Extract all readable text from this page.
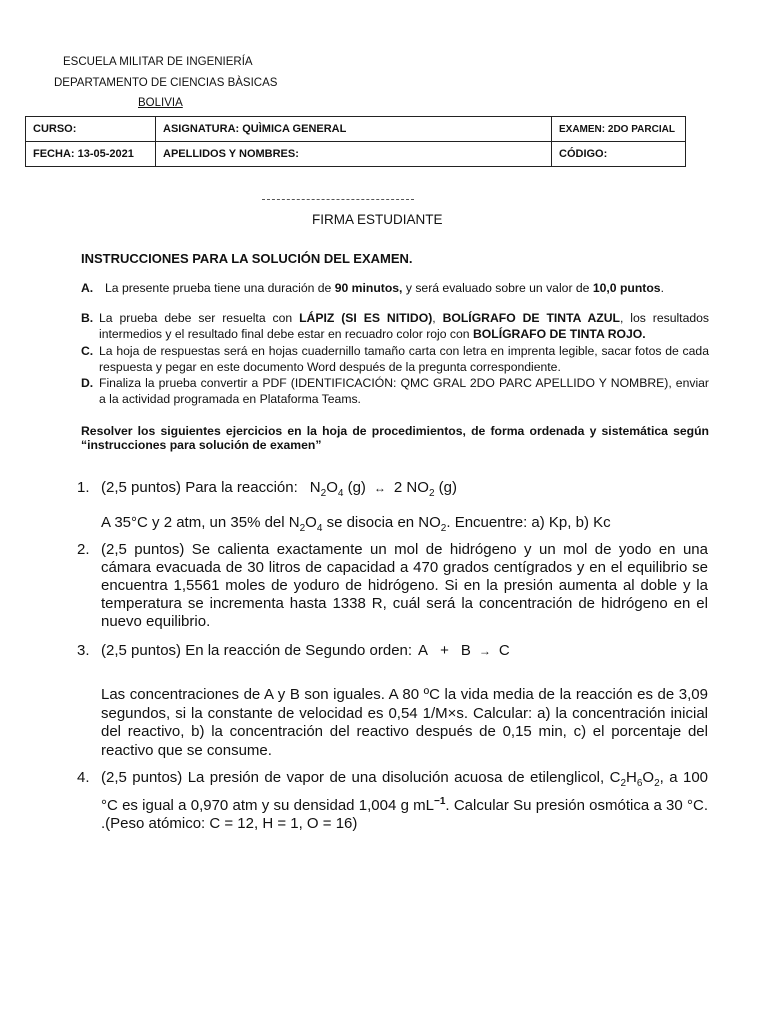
ESCUELA MILITAR DE INGENIERÍA
DEPARTAMENTO DE CIENCIAS BÀSICAS
BOLIVIA
CURSO:	ASIGNATURA: QUÌMICA GENERAL	EXAMEN: 2DO PARCIAL
FECHA: 13-05-2021	APELLIDOS Y NOMBRES:	CÓDIGO:
FIRMA ESTUDIANTE
INSTRUCCIONES PARA LA SOLUCIÓN DEL EXAMEN.
A. La presente prueba tiene una duración de 90 minutos, y será evaluado sobre un valor de 10,0 puntos.
B. La prueba debe ser resuelta con LÁPIZ (SI ES NITIDO), BOLÍGRAFO DE TINTA AZUL, los resultados intermedios y el resultado final debe estar en recuadro color rojo con BOLÍGRAFO DE TINTA ROJO.
C. La hoja de respuestas será en hojas cuadernillo tamaño carta con letra en imprenta legible, sacar fotos de cada respuesta y pegar en este documento Word después de la pregunta correspondiente.
D. Finaliza la prueba convertir a PDF (IDENTIFICACIÓN: QMC GRAL 2DO PARC APELLIDO Y NOMBRE), enviar a la actividad programada en Plataforma Teams.
Resolver los siguientes ejercicios en la hoja de procedimientos, de forma ordenada y sistemática según “instrucciones para solución de examen”
1. (2,5 puntos) Para la reacción: $N_2O_4$ (g) ↔ 2 $NO_2$ (g)
A 35°C y 2 atm, un 35% del $N_2O_4$ se disocia en $NO_2$. Encuentre: a) Kp, b) Kc
2. (2,5 puntos) Se calienta exactamente un mol de hidrógeno y un mol de yodo en una cámara evacuada de 30 litros de capacidad a 470 grados centígrados y en el equilibrio se encuentra 1,5561 moles de yoduro de hidrógeno. Si en la presión aumenta al doble y la temperatura se incrementa hasta 1338 R, cuál será la concentración de hidrógeno en el nuevo equilibrio.
3. (2,5 puntos) En la reacción de Segundo orden: A + B → C
Las concentraciones de A y B son iguales. A 80 ºC la vida media de la reacción es de 3,09 segundos, si la constante de velocidad es 0,54 1/M×s. Calcular: a) la concentración inicial del reactivo, b) la concentración del reactivo después de 0,15 min, c) el porcentaje del reactivo que se consume.
4. (2,5 puntos) La presión de vapor de una disolución acuosa de etilenglicol, $C_2H_6O_2$, a 100 °C es igual a 0,970 atm y su densidad 1,004 g $mL^{-1}$. Calcular Su presión osmótica a 30 °C. .(Peso atómico: C = 12, H = 1, O = 16)
